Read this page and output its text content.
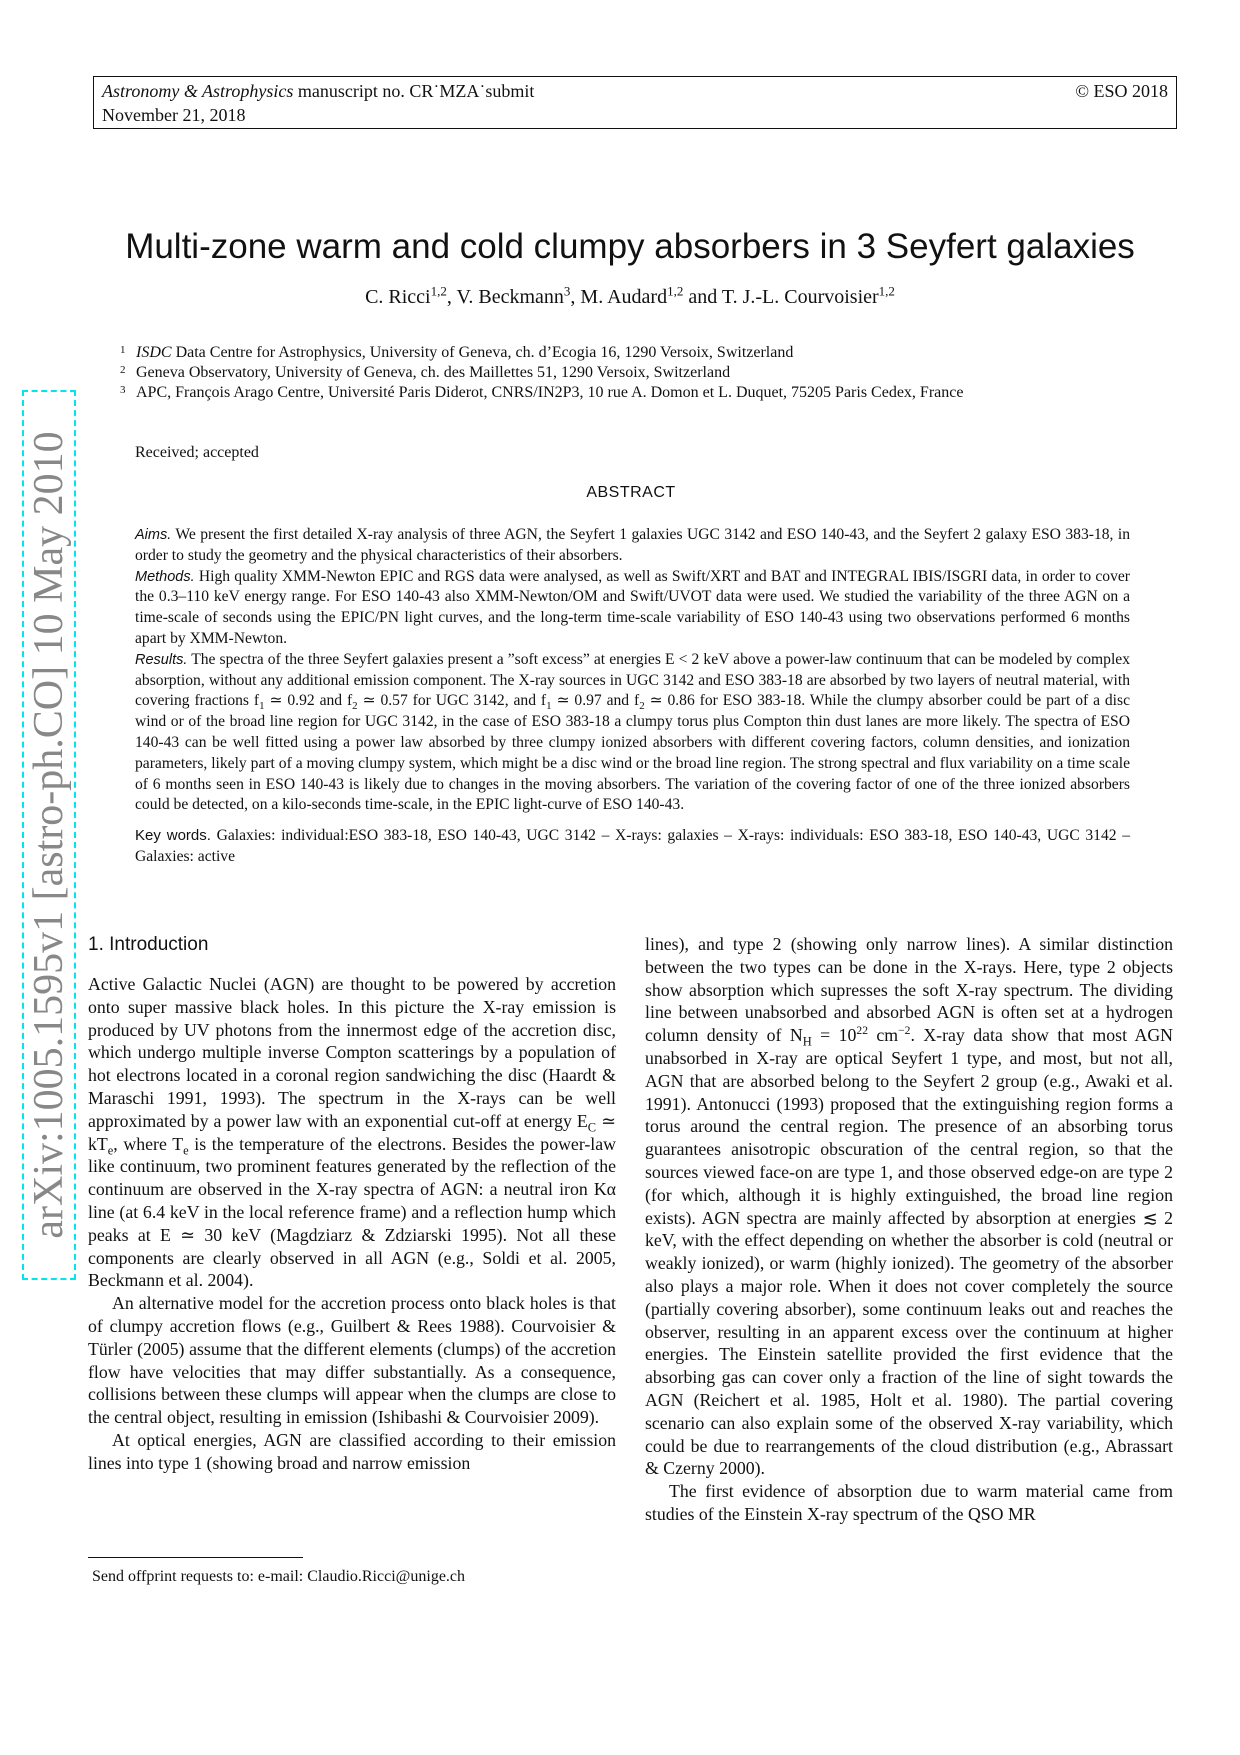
Astronomy & Astrophysics manuscript no. CR˙MZA˙submit
November 21, 2018
© ESO 2018
Multi-zone warm and cold clumpy absorbers in 3 Seyfert galaxies
C. Ricci$^{1,2}$, V. Beckmann$^3$, M. Audard$^{1,2}$ and T. J.-L. Courvoisier$^{1,2}$
1 ISDC Data Centre for Astrophysics, University of Geneva, ch. d’Ecogia 16, 1290 Versoix, Switzerland
2 Geneva Observatory, University of Geneva, ch. des Maillettes 51, 1290 Versoix, Switzerland
3 APC, François Arago Centre, Université Paris Diderot, CNRS/IN2P3, 10 rue A. Domon et L. Duquet, 75205 Paris Cedex, France
Received; accepted
ABSTRACT

Aims. We present the first detailed X-ray analysis of three AGN, the Seyfert 1 galaxies UGC 3142 and ESO 140-43, and the Seyfert 2 galaxy ESO 383-18, in order to study the geometry and the physical characteristics of their absorbers.

Methods. High quality XMM-Newton EPIC and RGS data were analysed, as well as Swift/XRT and BAT and INTEGRAL IBIS/ISGRI data, in order to cover the 0.3–110 keV energy range. For ESO 140-43 also XMM-Newton/OM and Swift/UVOT data were used. We studied the variability of the three AGN on a time-scale of seconds using the EPIC/PN light curves, and the long-term time-scale variability of ESO 140-43 using two observations performed 6 months apart by XMM-Newton.

Results. The spectra of the three Seyfert galaxies present a ”soft excess” at energies E < 2 keV above a power-law continuum that can be modeled by complex absorption, without any additional emission component. The X-ray sources in UGC 3142 and ESO 383-18 are absorbed by two layers of neutral material, with covering fractions $f_1$ ≃ 0.92 and $f_2$ ≃ 0.57 for UGC 3142, and $f_1$ ≃ 0.97 and $f_2$ ≃ 0.86 for ESO 383-18. While the clumpy absorber could be part of a disc wind or of the broad line region for UGC 3142, in the case of ESO 383-18 a clumpy torus plus Compton thin dust lanes are more likely. The spectra of ESO 140-43 can be well fitted using a power law absorbed by three clumpy ionized absorbers with different covering factors, column densities, and ionization parameters, likely part of a moving clumpy system, which might be a disc wind or the broad line region. The strong spectral and flux variability on a time scale of 6 months seen in ESO 140-43 is likely due to changes in the moving absorbers. The variation of the covering factor of one of the three ionized absorbers could be detected, on a kilo-seconds time-scale, in the EPIC light-curve of ESO 140-43.

Key words. Galaxies: individual:ESO 383-18, ESO 140-43, UGC 3142 – X-rays: galaxies – X-rays: individuals: ESO 383-18, ESO 140-43, UGC 3142 – Galaxies: active

arXiv:1005.1595v1 [astro-ph.CO] 10 May 2010 1. Introduction

Active Galactic Nuclei (AGN) are thought to be powered by accretion onto super massive black holes. In this picture the X-ray emission is produced by UV photons from the innermost edge of the accretion disc, which undergo multiple inverse Compton scatterings by a population of hot electrons located in a coronal region sandwiching the disc (Haardt & Maraschi 1991, 1993). The spectrum in the X-rays can be well approximated by a power law with an exponential cut-off at energy $E_C$ ≃ $kT_e$, where $T_e$ is the temperature of the electrons. Besides the power-law like continuum, two prominent features generated by the reflection of the continuum are observed in the X-ray spectra of AGN: a neutral iron Kα line (at 6.4 keV in the local reference frame) and a reflection hump which peaks at E ≃ 30 keV (Magdziarz & Zdziarski 1995). Not all these components are clearly observed in all AGN (e.g., Soldi et al. 2005, Beckmann et al. 2004).

An alternative model for the accretion process onto black holes is that of clumpy accretion flows (e.g., Guilbert & Rees 1988). Courvoisier & Türler (2005) assume that the different elements (clumps) of the accretion flow have velocities that may differ substantially. As a consequence, collisions between these clumps will appear when the clumps are close to the central object, resulting in emission (Ishibashi & Courvoisier 2009).

At optical energies, AGN are classified according to their emission lines into type 1 (showing broad and narrow emission

lines), and type 2 (showing only narrow lines). A similar distinction between the two types can be done in the X-rays. Here, type 2 objects show absorption which supresses the soft X-ray spectrum. The dividing line between unabsorbed and absorbed AGN is often set at a hydrogen column density of $N_H = 10^{22}$ $cm^{-2}$. X-ray data show that most AGN unabsorbed in X-ray are optical Seyfert 1 type, and most, but not all, AGN that are absorbed belong to the Seyfert 2 group (e.g., Awaki et al. 1991). Antonucci (1993) proposed that the extinguishing region forms a torus around the central region. The presence of an absorbing torus guarantees anisotropic obscuration of the central region, so that the sources viewed face-on are type 1, and those observed edge-on are type 2 (for which, although it is highly extinguished, the broad line region exists). AGN spectra are mainly affected by absorption at energies ≲ 2 keV, with the effect depending on whether the absorber is cold (neutral or weakly ionized), or warm (highly ionized). The geometry of the absorber also plays a major role. When it does not cover completely the source (partially covering absorber), some continuum leaks out and reaches the observer, resulting in an apparent excess over the continuum at higher energies. The Einstein satellite provided the first evidence that the absorbing gas can cover only a fraction of the line of sight towards the AGN (Reichert et al. 1985, Holt et al. 1980). The partial covering scenario can also explain some of the observed X-ray variability, which could be due to rearrangements of the cloud distribution (e.g., Abrassart & Czerny 2000).

The first evidence of absorption due to warm material came from studies of the Einstein X-ray spectrum of the QSO MR

Send offprint requests to: e-mail: Claudio.Ricci@unige.ch
